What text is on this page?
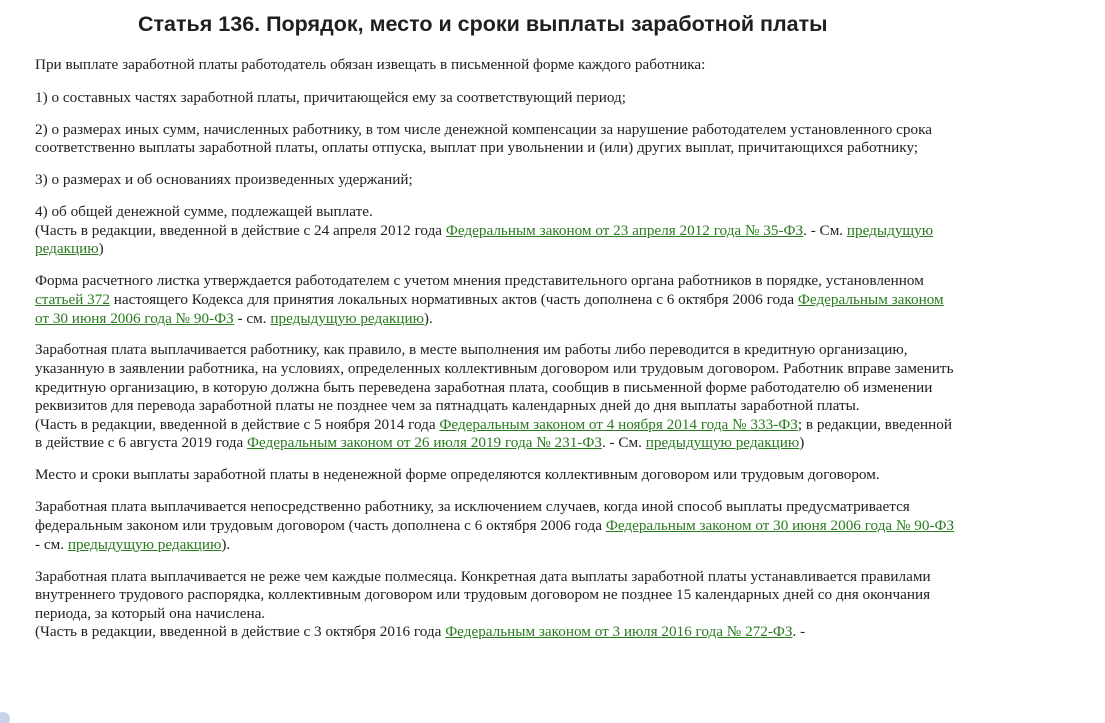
Статья 136. Порядок, место и сроки выплаты заработной платы

При выплате заработной платы работодатель обязан извещать в письменной форме каждого работника:

1) о составных частях заработной платы, причитающейся ему за соответствующий период;

2) о размерах иных сумм, начисленных работнику, в том числе денежной компенсации за нарушение работодателем установленного срока соответственно выплаты заработной платы, оплаты отпуска, выплат при увольнении и (или) других выплат, причитающихся работнику;

3) о размерах и об основаниях произведенных удержаний;

4) об общей денежной сумме, подлежащей выплате.
(Часть в редакции, введенной в действие с 24 апреля 2012 года Федеральным законом от 23 апреля 2012 года № 35-ФЗ. - См. предыдущую редакцию)

Форма расчетного листка утверждается работодателем с учетом мнения представительного органа работников в порядке, установленном статьей 372 настоящего Кодекса для принятия локальных нормативных актов (часть дополнена с 6 октября 2006 года Федеральным законом от 30 июня 2006 года № 90-ФЗ - см. предыдущую редакцию).

Заработная плата выплачивается работнику, как правило, в месте выполнения им работы либо переводится в кредитную организацию, указанную в заявлении работника, на условиях, определенных коллективным договором или трудовым договором. Работник вправе заменить кредитную организацию, в которую должна быть переведена заработная плата, сообщив в письменной форме работодателю об изменении реквизитов для перевода заработной платы не позднее чем за пятнадцать календарных дней до дня выплаты заработной платы.
(Часть в редакции, введенной в действие с 5 ноября 2014 года Федеральным законом от 4 ноября 2014 года № 333-ФЗ; в редакции, введенной в действие с 6 августа 2019 года Федеральным законом от 26 июля 2019 года № 231-ФЗ. - См. предыдущую редакцию)

Место и сроки выплаты заработной платы в неденежной форме определяются коллективным договором или трудовым договором.

Заработная плата выплачивается непосредственно работнику, за исключением случаев, когда иной способ выплаты предусматривается федеральным законом или трудовым договором (часть дополнена с 6 октября 2006 года Федеральным законом от 30 июня 2006 года № 90-ФЗ - см. предыдущую редакцию).

Заработная плата выплачивается не реже чем каждые полмесяца. Конкретная дата выплаты заработной платы устанавливается правилами внутреннего трудового распорядка, коллективным договором или трудовым договором не позднее 15 календарных дней со дня окончания периода, за который она начислена.
(Часть в редакции, введенной в действие с 3 октября 2016 года Федеральным законом от 3 июля 2016 года № 272-ФЗ. -
